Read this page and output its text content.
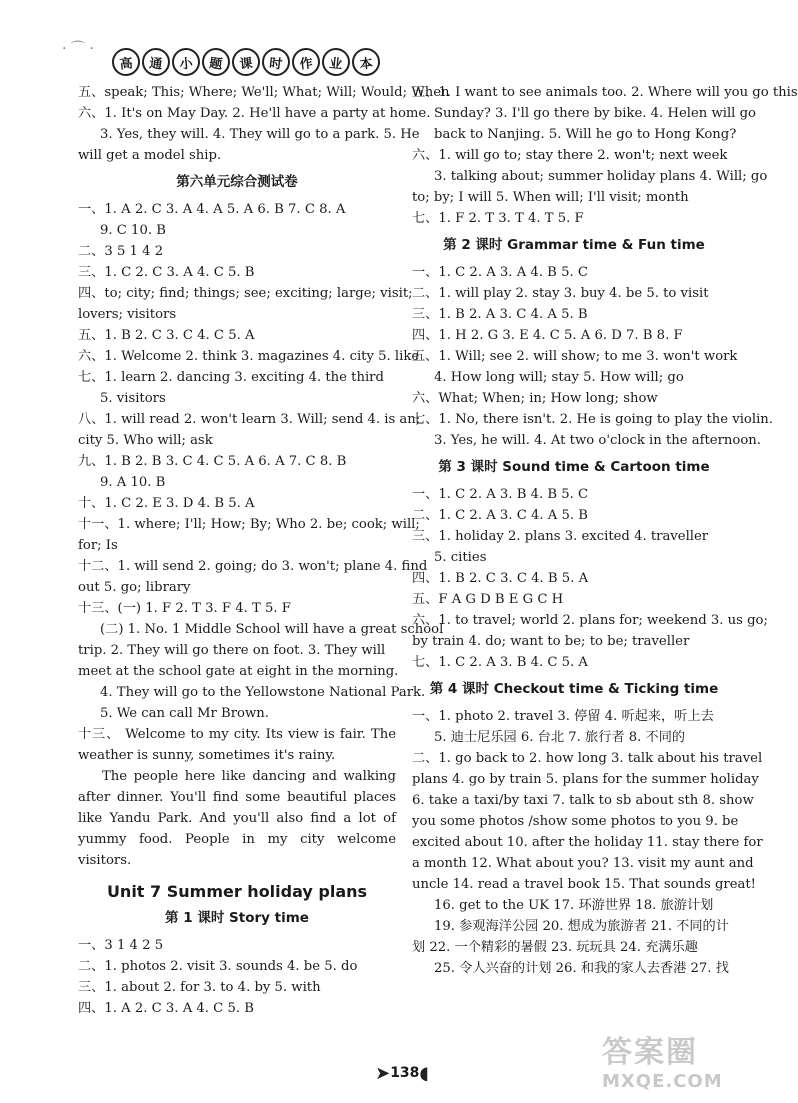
· ⌒ ·
高	通	小	题	课	时	作	业	本
五、speak; This; Where; We'll; What; Will; Would; When
六、1. It's on May Day. 2. He'll have a party at home.
3. Yes, they will. 4. They will go to a park. 5. He
will get a model ship.
第六单元综合测试卷
一、1. A 2. C 3. A 4. A 5. A 6. B 7. C 8. A
9. C 10. B
二、3 5 1 4 2
三、1. C 2. C 3. A 4. C 5. B
四、to; city; find; things; see; exciting; large; visit;
lovers; visitors
五、1. B 2. C 3. C 4. C 5. A
六、1. Welcome 2. think 3. magazines 4. city 5. like
七、1. learn 2. dancing 3. exciting 4. the third
5. visitors
八、1. will read 2. won't learn 3. Will; send 4. is an;
city 5. Who will; ask
九、1. B 2. B 3. C 4. C 5. A 6. A 7. C 8. B
9. A 10. B
十、1. C 2. E 3. D 4. B 5. A
十一、1. where; I'll; How; By; Who 2. be; cook; will;
for; Is
十二、1. will send 2. going; do 3. won't; plane 4. find
out 5. go; library
十三、(一) 1. F 2. T 3. F 4. T 5. F
(二) 1. No. 1 Middle School will have a great school
trip. 2. They will go there on foot. 3. They will
meet at the school gate at eight in the morning.
4. They will go to the Yellowstone National Park.
5. We can call Mr Brown.
十三、 Welcome to my city. Its view is fair. The weather is sunny, sometimes it's rainy.
The people here like dancing and walking after dinner. You'll find some beautiful places like Yandu Park. And you'll also find a lot of yummy food. People in my city welcome visitors.
Unit 7 Summer holiday plans
第 1 课时 Story time
一、3 1 4 2 5
二、1. photos 2. visit 3. sounds 4. be 5. do
三、1. about 2. for 3. to 4. by 5. with
四、1. A 2. C 3. A 4. C 5. B
五、1. I want to see animals too. 2. Where will you go this
Sunday? 3. I'll go there by bike. 4. Helen will go
back to Nanjing. 5. Will he go to Hong Kong?
六、1. will go to; stay there 2. won't; next week
3. talking about; summer holiday plans 4. Will; go
to; by; I will 5. When will; I'll visit; month
七、1. F 2. T 3. T 4. T 5. F
第 2 课时 Grammar time & Fun time
一、1. C 2. A 3. A 4. B 5. C
二、1. will play 2. stay 3. buy 4. be 5. to visit
三、1. B 2. A 3. C 4. A 5. B
四、1. H 2. G 3. E 4. C 5. A 6. D 7. B 8. F
五、1. Will; see 2. will show; to me 3. won't work
4. How long will; stay 5. How will; go
六、What; When; in; How long; show
七、1. No, there isn't. 2. He is going to play the violin.
3. Yes, he will. 4. At two o'clock in the afternoon.
第 3 课时 Sound time & Cartoon time
一、1. C 2. A 3. B 4. B 5. C
二、1. C 2. A 3. C 4. A 5. B
三、1. holiday 2. plans 3. excited 4. traveller
5. cities
四、1. B 2. C 3. C 4. B 5. A
五、F A G D B E G C H
六、1. to travel; world 2. plans for; weekend 3. us go;
by train 4. do; want to be; to be; traveller
七、1. C 2. A 3. B 4. C 5. A
第 4 课时 Checkout time & Ticking time
一、1. photo 2. travel 3. 停留 4. 听起来，听上去
5. 迪士尼乐园 6. 台北 7. 旅行者 8. 不同的
二、1. go back to 2. how long 3. talk about his travel
plans 4. go by train 5. plans for the summer holiday
6. take a taxi/by taxi 7. talk to sb about sth 8. show
you some photos /show some photos to you 9. be
excited about 10. after the holiday 11. stay there for
a month 12. What about you? 13. visit my aunt and
uncle 14. read a travel book 15. That sounds great!
16. get to the UK 17. 环游世界 18. 旅游计划
19. 参观海洋公园 20. 想成为旅游者 21. 不同的计
划 22. 一个精彩的暑假 23. 玩玩具 24. 充满乐趣
25. 令人兴奋的计划 26. 和我的家人去香港 27. 找
➤ 138 ◖
答案圈
MXQE.COM
